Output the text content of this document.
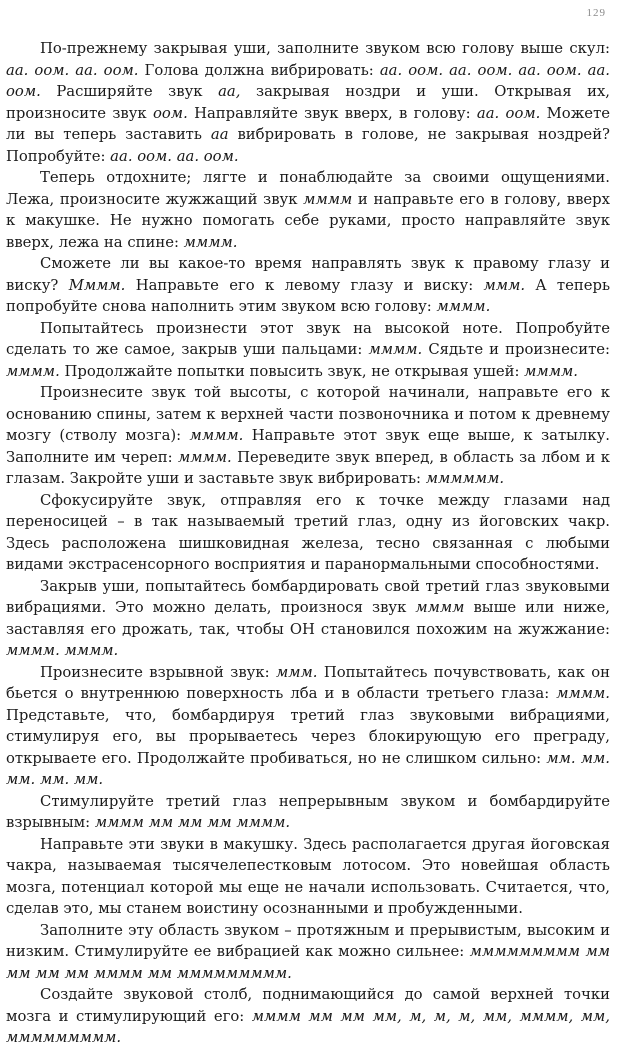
129

По-прежнему закрывая уши, заполните звуком всю голову выше скул: аа. оом. аа. оом. Голова должна вибрировать: аа. оом. аа. оом. аа. оом. аа. оом. Расширяйте звук аа, закрывая ноздри и уши. Открывая их, произносите звук оом. Направляйте звук вверх, в голову: аа. оом. Можете ли вы теперь заставить аа вибрировать в голове, не закрывая ноздрей? Попробуйте: аа. оом. аа. оом.

Теперь отдохните; лягте и понаблюдайте за своими ощущениями. Лежа, произносите жужжащий звук мммм и направьте его в голову, вверх к макушке. Не нужно помогать себе руками, просто направляйте звук вверх, лежа на спине: мммм.

Сможете ли вы какое-то время направлять звук к правому глазу и виску? Мммм. Направьте его к левому глазу и виску: ммм. А теперь попробуйте снова наполнить этим звуком всю голову: мммм.

Попытайтесь произнести этот звук на высокой ноте. Попробуйте сделать то же самое, закрыв уши пальцами: мммм. Сядьте и произнесите: мммм. Продолжайте попытки повысить звук, не открывая ушей: мммм.

Произнесите звук той высоты, с которой начинали, направьте его к основанию спины, затем к верхней части позвоночника и потом к древнему мозгу (стволу мозга): мммм. Направьте этот звук еще выше, к затылку. Заполните им череп: мммм. Переведите звук вперед, в область за лбом и к глазам. Закройте уши и заставьте звук вибрировать: мммммм.

Сфокусируйте звук, отправляя его к точке между глазами над переносицей – в так называемый третий глаз, одну из йоговских чакр. Здесь расположена шишковидная железа, тесно связанная с любыми видами экстрасенсорного восприятия и паранормальными способностями.

Закрыв уши, попытайтесь бомбардировать свой третий глаз звуковыми вибрациями. Это можно делать, произнося звук мммм выше или ниже, заставляя его дрожать, так, чтобы ОН становился похожим на жужжание: мммм. мммм.

Произнесите взрывной звук: ммм. Попытайтесь почувствовать, как он бьется о внутреннюю поверхность лба и в области третьего глаза: мммм. Представьте, что, бомбардируя третий глаз звуковыми вибрациями, стимулируя его, вы прорываетесь через блокирующую его преграду, открываете его. Продолжайте пробиваться, но не слишком сильно: мм. мм. мм. мм. мм.

Стимулируйте третий глаз непрерывным звуком и бомбардируйте взрывным: мммм мм мм мм мммм.

Направьте эти звуки в макушку. Здесь располагается другая йоговская чакра, называемая тысячелепестковым лотосом. Это новейшая область мозга, потенциал которой мы еще не начали использовать. Считается, что, сделав это, мы станем воистину осознанными и пробужденными.

Заполните эту область звуком – протяжным и прерывистым, высоким и низким. Стимулируйте ее вибрацией как можно сильнее: ммммммммм мм мм мм мм мммм мм ммммммммм.

Создайте звуковой столб, поднимающийся до самой верхней точки мозга и стимулирующий его: мммм мм мм мм, м, м, м, мм, мммм, мм, ммммммммм.
